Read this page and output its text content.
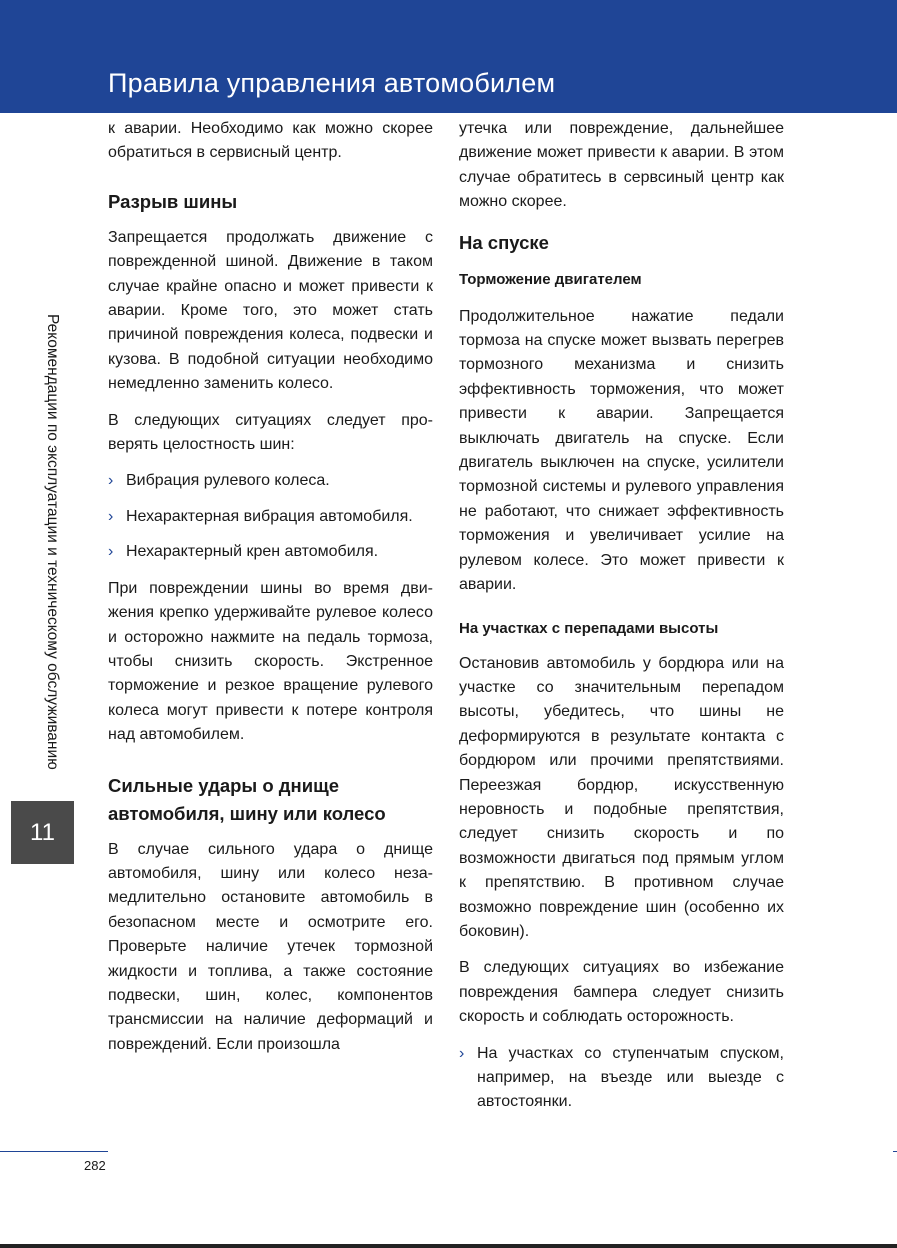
Правила управления автомобилем
Рекомендации по эксплуатации и техническому обслуживанию
11

к аварии. Необходимо как можно скорее обратиться в сервисный центр.

Разрыв шины

Запрещается продолжать движение с поврежденной шиной. Движение в таком случае крайне опасно и может привести к аварии. Кроме того, это может стать причиной повреждения колеса, подвески и кузова. В подобной ситуации необходимо немедленно заменить колесо.

В следующих ситуациях следует проверять целостность шин:

› Вибрация рулевого колеса.
› Нехарактерная вибрация автомобиля.
› Нехарактерный крен автомобиля.

При повреждении шины во время движения крепко удерживайте рулевое колесо и осторожно нажмите на педаль тормоза, чтобы снизить скорость. Экстренное торможение и резкое вращение рулевого колеса могут привести к потере контроля над автомобилем.

Сильные удары о днище автомобиля, шину или колесо

В случае сильного удара о днище автомобиля, шину или колесо незамедлительно остановите автомобиль в безопасном месте и осмотрите его. Проверьте наличие утечек тормозной жидкости и топлива, а также состояние подвески, шин, колес, компонентов трансмиссии на наличие деформаций и повреждений. Если произошла

утечка или повреждение, дальнейшее движение может привести к аварии. В этом случае обратитесь в сервсиный центр как можно скорее.

На спуске
Торможение двигателем

Продолжительное нажатие педали тормоза на спуске может вызвать перегрев тормозного механизма и снизить эффективность торможения, что может привести к аварии. Запрещается выключать двигатель на спуске. Если двигатель выключен на спуске, усилители тормозной системы и рулевого управления не работают, что снижает эффективность торможения и увеличивает усилие на рулевом колесе. Это может привести к аварии.

На участках с перепадами высоты

Остановив автомобиль у бордюра или на участке со значительным перепадом высоты, убедитесь, что шины не деформируются в результате контакта с бордюром или прочими препятствиями. Переезжая бордюр, искусственную неровность и подобные препятствия, следует снизить скорость и по возможности двигаться под прямым углом к препятствию. В противном случае возможно повреждение шин (особенно их боковин).

В следующих ситуациях во избежание повреждения бампера следует снизить скорость и соблюдать осторожность.

› На участках со ступенчатым спуском, например, на въезде или выезде с автостоянки.
282
